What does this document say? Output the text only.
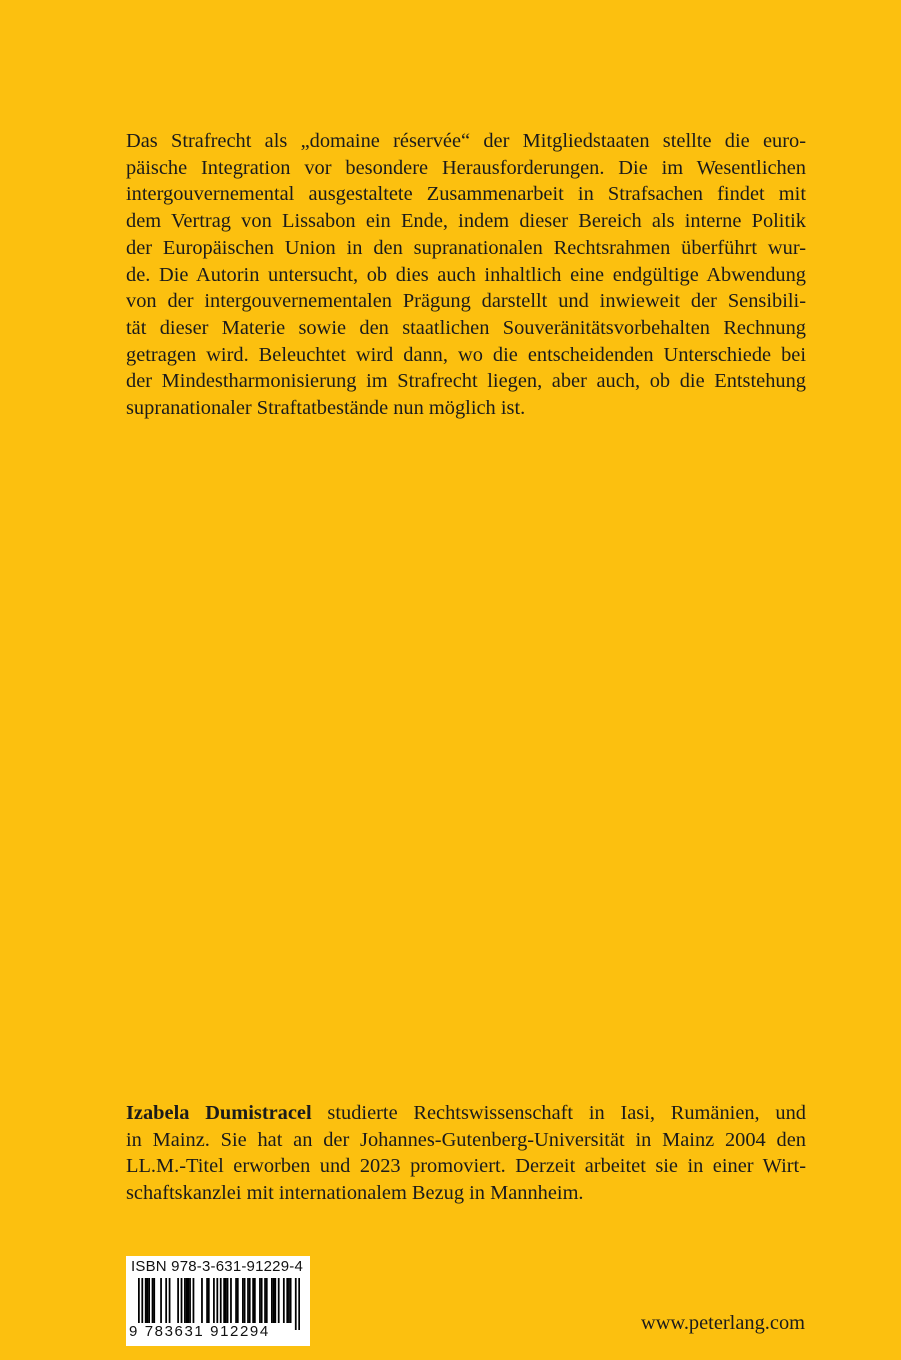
Das Strafrecht als „domaine réservée“ der Mitgliedstaaten stellte die euro-

päische Integration vor besondere Herausforderungen. Die im Wesentlichen

intergouvernemental ausgestaltete Zusammenarbeit in Strafsachen findet mit

dem Vertrag von Lissabon ein Ende, indem dieser Bereich als interne Politik

der Europäischen Union in den supranationalen Rechtsrahmen überführt wur-

de. Die Autorin untersucht, ob dies auch inhaltlich eine endgültige Abwendung

von der intergouvernementalen Prägung darstellt und inwieweit der Sensibili-

tät dieser Materie sowie den staatlichen Souveränitätsvorbehalten Rechnung

getragen wird. Beleuchtet wird dann, wo die entscheidenden Unterschiede bei

der Mindestharmonisierung im Strafrecht liegen, aber auch, ob die Entstehung

supranationaler Straftatbestände nun möglich ist.

Izabela Dumistracel studierte Rechtswissenschaft in Iasi, Rumänien, und

in Mainz. Sie hat an der Johannes-Gutenberg-Universität in Mainz 2004 den

LL.M.-Titel erworben und 2023 promoviert. Derzeit arbeitet sie in einer Wirt-

schaftskanzlei mit internationalem Bezug in Mannheim.

ISBN 978-3-631-91229-4
9 783631 912294	www.peterlang.com
